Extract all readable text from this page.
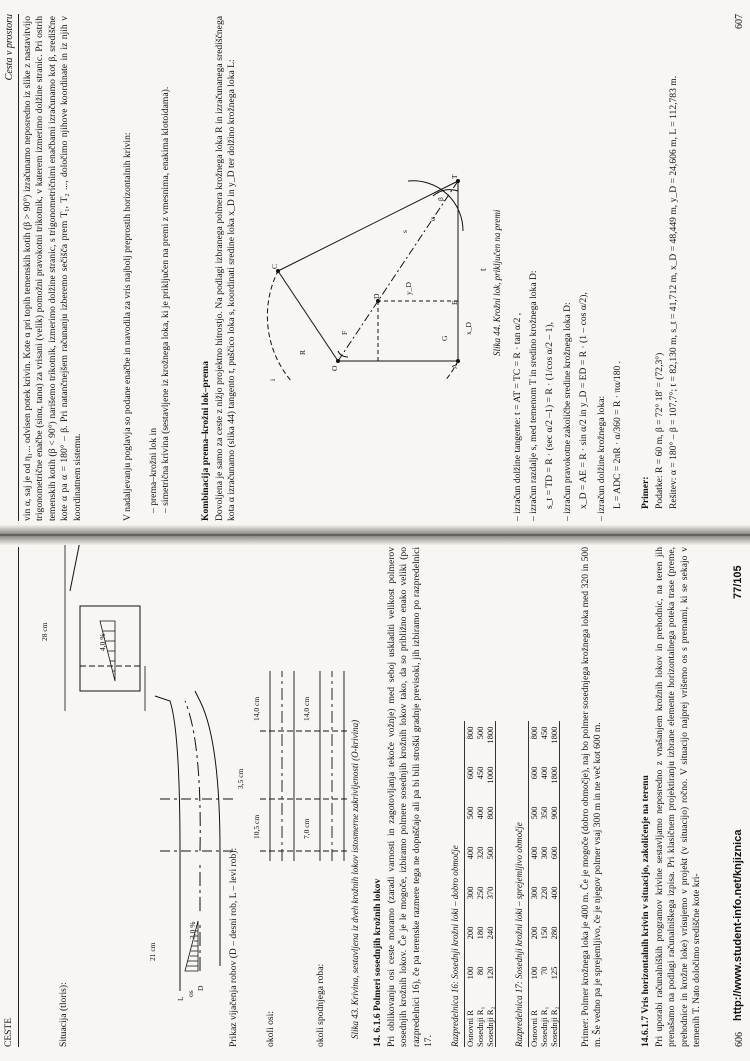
CESTE	Situacija (tloris):
21 cm
28 cm
3,0 %
4,0 %
L
D
os	Prikaz vijačenja robov (D – desni rob, L – levi rob):	okoli osi:	okoli spodnjega roba:
10,5 cm
3,5 cm
14,0 cm
7,0 cm
14,0 cm
Slika 43. Krivina, sestavljena iz dveh krožnih lokov istosmerne zakrivljenosti (O-krivina) 14. 6.1.6 Polmeri sosednjih krožnih lokov Pri oblikovanju osi ceste moramo (zaradi varnosti in zagotovljanja tekoče vožnje) med seboj uskladiti velikost polmerov sosednjih krožnih lokov. Če je le mogoče, izbiramo polmere sosednjih krožnih lokov tako, da so približno enako veliki (po razpredelnici 16), če pa terenske razmere tega ne dopuščajo ali pa bi bili stroški gradnje previsoki, jih izbiramo po razpredelnici 17. Razpredelnica 16: Sosednji krožni loki – dobro območje Osnovni R	100	200	300	400	500	600	800
Sosednji R₁	80	180	250	320	400	450	500
Sosednji R₂	120	240	370	500	800	1000	1800
Razpredelnica 17: Sosednji krožni loki – sprejemljivo območje Osnovni R	100	200	300	400	500	600	800
Sosednji R₁	70	150	220	300	350	400	450
Sosednji R₂	125	280	400	600	900	1800	1800 Primer: Polmer krožnega loka je 400 m. Če je mogoče (dobro območje), naj bo polmer sosednjega krožnega loka med 320 in 500 m. Še vedno pa je sprejemljivo, če je njegov polmer vsaj 300 m in ne več kot 600 m.	14.6.1.7 Vris horizontalnih krivin v situacijo, zakoličenje na terenu Pri uporabi računalniških programov krivine sestavljamo neposredno z vnašanjem krožnih lokov in prehodnic, na teren jih prenašamo na podlagi računalniškega izpisa. Pri klasičnem projektiranju izbrane elemente horizontalnega poteka trase (preme, prehodnice in krožne loke) vrisujemo v projekt (v situacijo) ročno. V situacijo najprej vrišemo os s premami, ki se sekajo v temenih T. Nato določimo središčne kote kri-	606
http://www.student-info.net/knjiznica
77/105
Cesta v prostoru vin α, saj je od η₁... odvisen potek krivin. Kote α pri topih temenskih kotih (β > 90°) izračunamo neposredno iz slike z nastavitvijo trigonometrične enačbe (sinα, tanα) za vrisani (velik) pomožni pravokotni trikotnik, v katerem izmerimo dolžine stranic. Pri ostrih temenskih kotih (β < 90°) narišemo trikotnik, izmerimo dolžine stranic, s trigonometričnimi enačbami izračunamo kot β, središčne kote α pa α = 180° – β. Pri natančnejšem računanju izberemo sečišča prem T₁, T₂ ..., določimo njihove koordinate in iz njih v koordinatnem sistemu.	V nadaljevanju poglavja so podane enačbe in navodila za vris najbolj preprostih horizontalnih krivin: – prema–krožni lok in – simetrična krivina (sestavljene iz krožnega loka, ki je priključen na premi z vmesnima, enakima klotoidama).	Kombinacija prema–krožni lok–prema Dovoljena je samo za ceste z nižjo projektno hitrostjo. Na podlagi izbranega polmera krožnega loka R in izračunanega središčnega kota α izračunamo (slika 44) tangento t, puščico loka s, koordinati sredine loka x_D in y_D ter dolžino krožnega loka L:	A
T
C
O
R
D
E
G
F
i
x_D
y_D
s
α
β
t Slika 44. Krožni lok, priključen na premi
– izračun dolžine tangente: t = AT = TC = R · tan α/2 , – izračun razdalje s, med temenom T in sredino krožnega loka D: s_t = TD = R · (sec α/2 –1) = R · (1/cos α/2 – 1), – izračun pravokotne zakoličbe sredine krožnega loka D: x_D = AE = R · sin α/2 in y_D = ED = R · (1 – cos α/2), – izračun dolžine krožnega loka: L = ADC = 2πR · α/360 = R · πα/180 . Primer: Podatke: R = 60 m, β = 72° 18' = (72,3°) Rešitev: α = 180° – β = 107,7°; t = 82,130 m, s_t = 41,712 m, x_D = 48,449 m, y_D = 24,606 m, L = 112,783 m.
607
